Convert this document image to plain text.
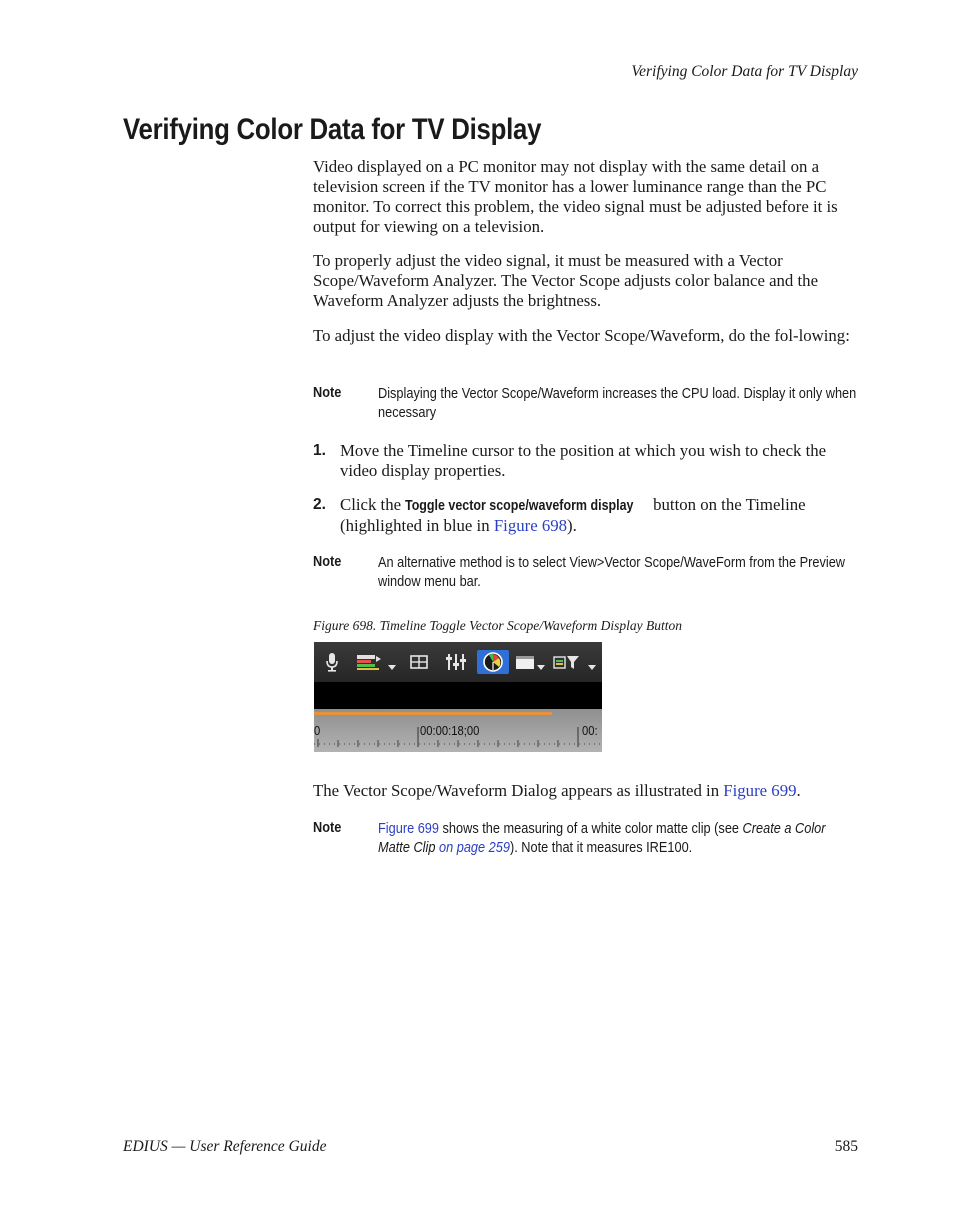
Verifying Color Data for TV Display
Verifying Color Data for TV Display

Video displayed on a PC monitor may not display with the same detail on a television screen if the TV monitor has a lower luminance range than the PC monitor. To correct this problem, the video signal must be adjusted before it is output for viewing on a television.

To properly adjust the video signal, it must be measured with a Vector Scope/Waveform Analyzer. The Vector Scope adjusts color balance and the Waveform Analyzer adjusts the brightness.

To adjust the video display with the Vector Scope/Waveform, do the fol-lowing:

Note	Displaying the Vector Scope/Waveform increases the CPU load. Display it only when necessary
1. Move the Timeline cursor to the position at which you wish to check the video display properties.
2. Click the Toggle vector scope/waveform display button on the Timeline (highlighted in blue in Figure 698).
Note	An alternative method is to select View>Vector Scope/WaveForm from the Preview window menu bar.
Figure 698. Timeline Toggle Vector Scope/Waveform Display Button
0	00:00:18;00	00:

The Vector Scope/Waveform Dialog appears as illustrated in Figure 699.

Note	Figure 699 shows the measuring of a white color matte clip (see Create a Color Matte Clip on page 259). Note that it measures IRE100.
EDIUS — User Reference Guide	585
